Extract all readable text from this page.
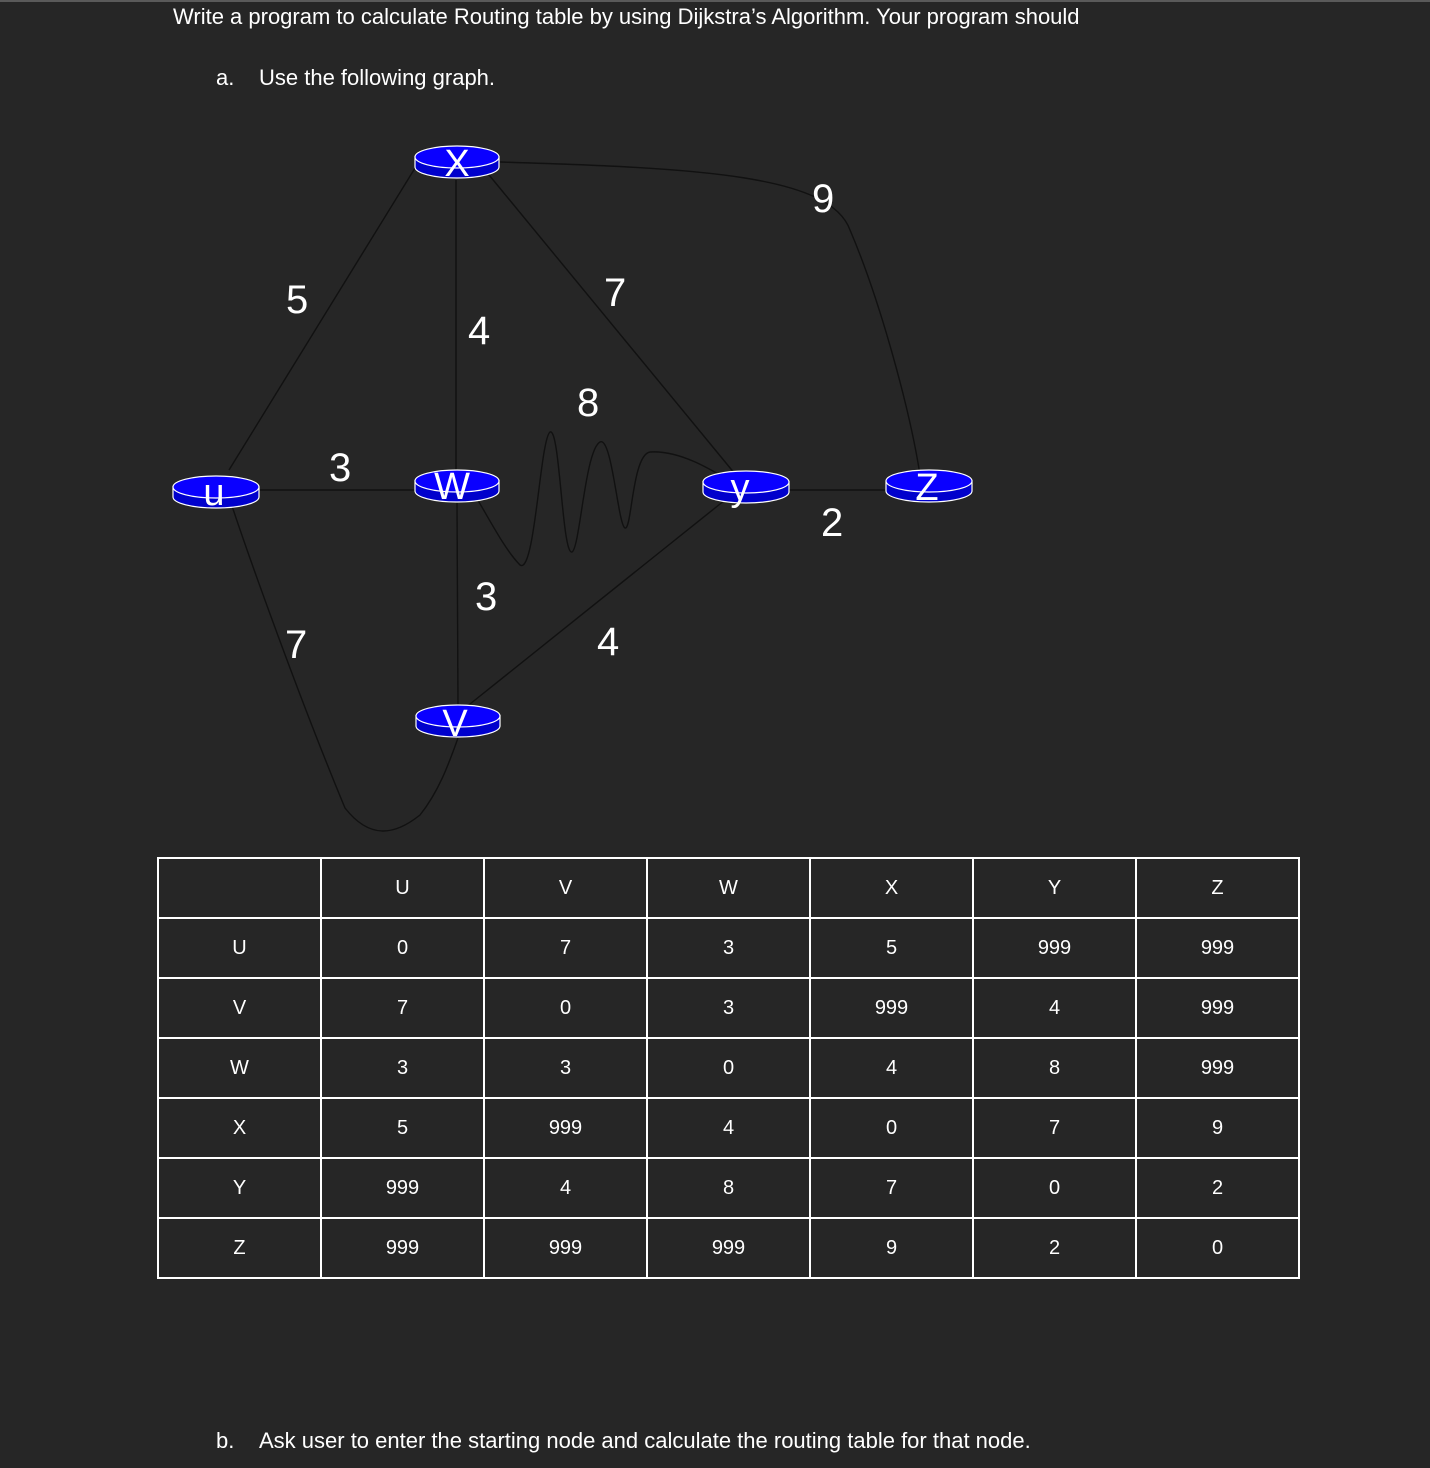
Write a program to calculate Routing table by using Dijkstra’s Algorithm. Your program should
a. Use the following graph.
5
4
7
9
8
3
2
3
7	4
X
u	W	y	Z
V
	U	V	W	X	Y	Z
U	0	7	3	5	999	999
V	7	0	3	999	4	999
W	3	3	0	4	8	999
X	5	999	4	0	7	9
Y	999	4	8	7	0	2
Z	999	999	999	9	2	0
b. Ask user to enter the starting node and calculate the routing table for that node.
